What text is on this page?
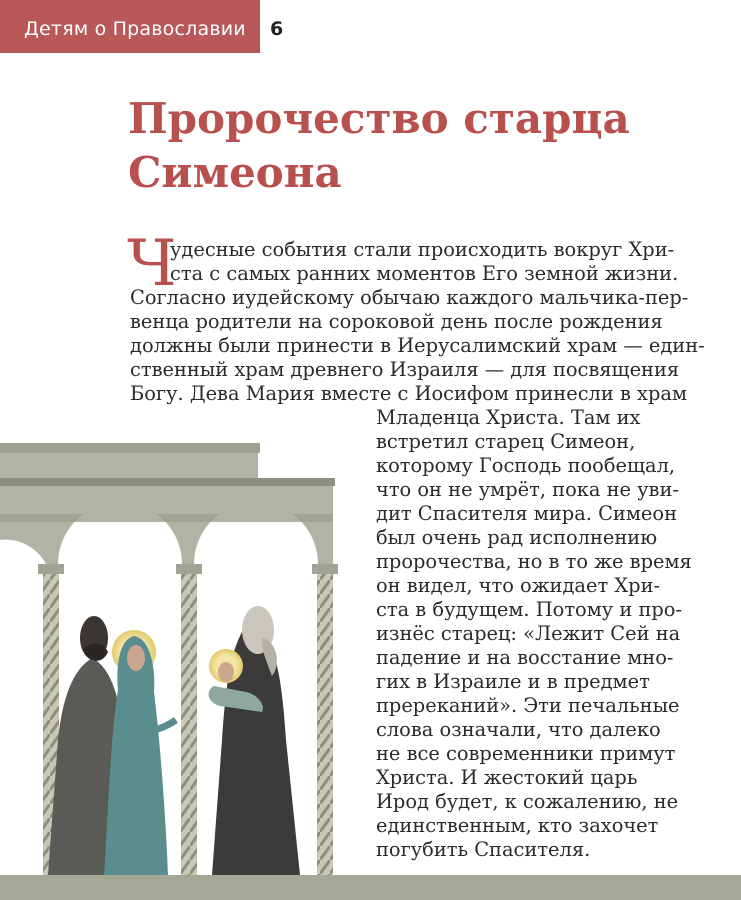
Детям о Православии	6
Пророчество старца
Симеона
Ч
удесные события стали происходить вокруг Хри-
ста с самых ранних моментов Его земной жизни.
Согласно иудейскому обычаю каждого мальчика-пер-
венца родители на сороковой день после рождения
должны были принести в Иерусалимский храм — един-
ственный храм древнего Израиля — для посвящения
Богу. Дева Мария вместе с Иосифом принесли в храм
Младенца Христа. Там их
встретил старец Симеон,
которому Господь пообещал,
что он не умрёт, пока не уви-
дит Спасителя мира. Симеон
был очень рад исполнению
пророчества, но в то же время
он видел, что ожидает Хри-
ста в будущем. Потому и про-
изнёс старец: «Лежит Сей на
падение и на восстание мно-
гих в Израиле и в предмет
пререканий». Эти печальные
слова означали, что далеко
не все современники примут
Христа. И жестокий царь
Ирод будет, к сожалению, не
единственным, кто захочет
погубить Спасителя.
